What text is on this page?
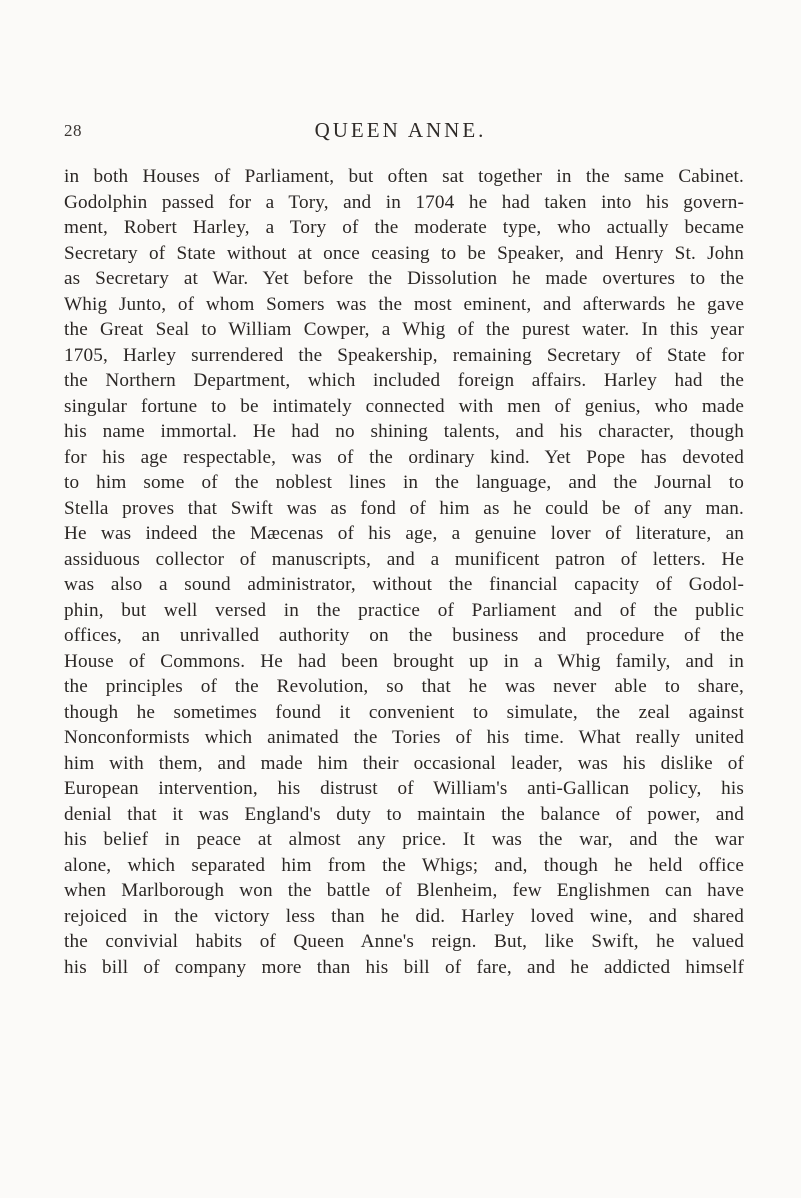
28	QUEEN ANNE.
in both Houses of Parliament, but often sat together in the same Cabinet.
Godolphin passed for a Tory, and in 1704 he had taken into his govern-
ment, Robert Harley, a Tory of the moderate type, who actually became
Secretary of State without at once ceasing to be Speaker, and Henry St. John
as Secretary at War. Yet before the Dissolution he made overtures to the
Whig Junto, of whom Somers was the most eminent, and afterwards he gave
the Great Seal to William Cowper, a Whig of the purest water. In this year
1705, Harley surrendered the Speakership, remaining Secretary of State for
the Northern Department, which included foreign affairs. Harley had the
singular fortune to be intimately connected with men of genius, who made
his name immortal. He had no shining talents, and his character, though
for his age respectable, was of the ordinary kind. Yet Pope has devoted
to him some of the noblest lines in the language, and the Journal to
Stella proves that Swift was as fond of him as he could be of any man.
He was indeed the Mæcenas of his age, a genuine lover of literature, an
assiduous collector of manuscripts, and a munificent patron of letters. He
was also a sound administrator, without the financial capacity of Godol-
phin, but well versed in the practice of Parliament and of the public
offices, an unrivalled authority on the business and procedure of the
House of Commons. He had been brought up in a Whig family, and in
the principles of the Revolution, so that he was never able to share,
though he sometimes found it convenient to simulate, the zeal against
Nonconformists which animated the Tories of his time. What really united
him with them, and made him their occasional leader, was his dislike of
European intervention, his distrust of William's anti-Gallican policy, his
denial that it was England's duty to maintain the balance of power, and
his belief in peace at almost any price. It was the war, and the war
alone, which separated him from the Whigs; and, though he held office
when Marlborough won the battle of Blenheim, few Englishmen can have
rejoiced in the victory less than he did. Harley loved wine, and shared
the convivial habits of Queen Anne's reign. But, like Swift, he valued
his bill of company more than his bill of fare, and he addicted himself
